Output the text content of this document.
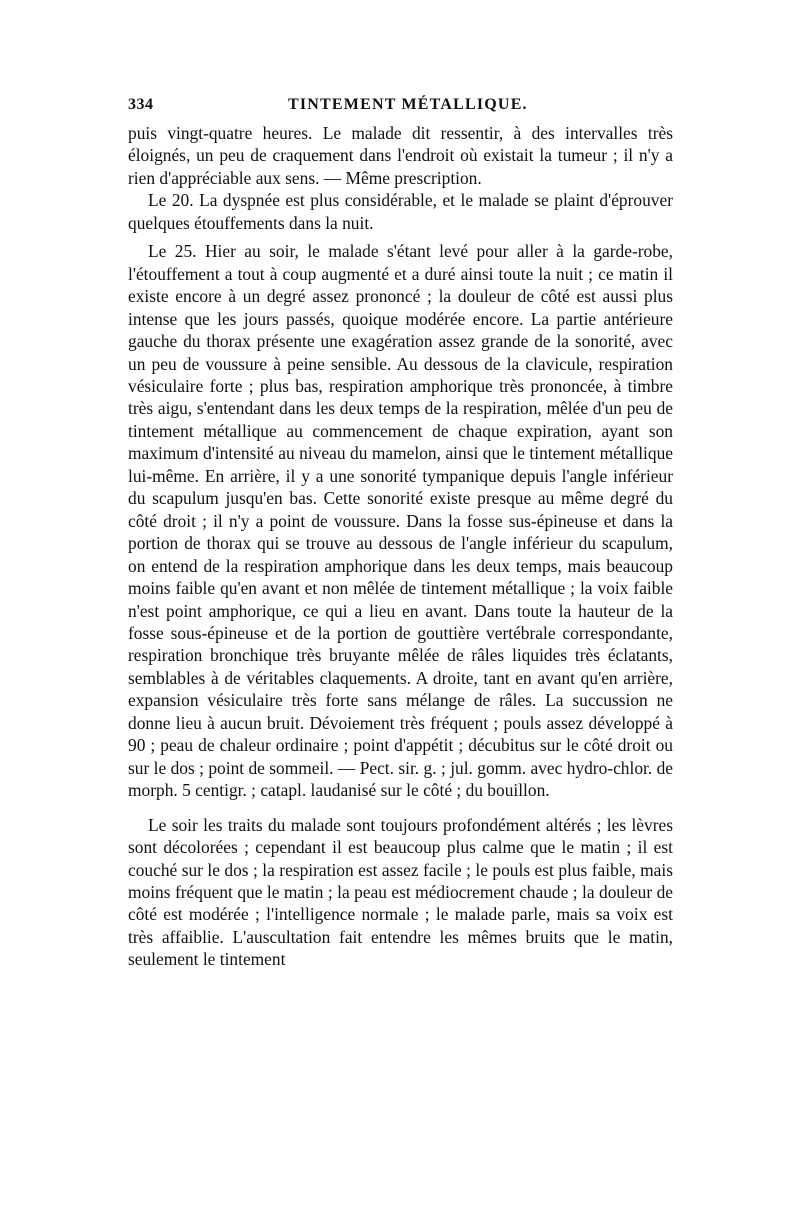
334	TINTEMENT MÉTALLIQUE.

puis vingt-quatre heures. Le malade dit ressentir, à des intervalles très éloignés, un peu de craquement dans l'endroit où existait la tumeur ; il n'y a rien d'appréciable aux sens. — Même prescription.

Le 20. La dyspnée est plus considérable, et le malade se plaint d'éprouver quelques étouffements dans la nuit.

Le 25. Hier au soir, le malade s'étant levé pour aller à la garde-robe, l'étouffement a tout à coup augmenté et a duré ainsi toute la nuit ; ce matin il existe encore à un degré assez prononcé ; la douleur de côté est aussi plus intense que les jours passés, quoique modérée encore. La partie antérieure gauche du thorax présente une exagération assez grande de la sonorité, avec un peu de voussure à peine sensible. Au dessous de la clavicule, respiration vésiculaire forte ; plus bas, respiration amphorique très prononcée, à timbre très aigu, s'entendant dans les deux temps de la respiration, mêlée d'un peu de tintement métallique au commencement de chaque expiration, ayant son maximum d'intensité au niveau du mamelon, ainsi que le tintement métallique lui-même. En arrière, il y a une sonorité tympanique depuis l'angle inférieur du scapulum jusqu'en bas. Cette sonorité existe presque au même degré du côté droit ; il n'y a point de voussure. Dans la fosse sus-épineuse et dans la portion de thorax qui se trouve au dessous de l'angle inférieur du scapulum, on entend de la respiration amphorique dans les deux temps, mais beaucoup moins faible qu'en avant et non mêlée de tintement métallique ; la voix faible n'est point amphorique, ce qui a lieu en avant. Dans toute la hauteur de la fosse sous-épineuse et de la portion de gouttière vertébrale correspondante, respiration bronchique très bruyante mêlée de râles liquides très éclatants, semblables à de véritables claquements. A droite, tant en avant qu'en arrière, expansion vésiculaire très forte sans mélange de râles. La succussion ne donne lieu à aucun bruit. Dévoiement très fréquent ; pouls assez développé à 90 ; peau de chaleur ordinaire ; point d'appétit ; décubitus sur le côté droit ou sur le dos ; point de sommeil. — Pect. sir. g. ; jul. gomm. avec hydro-chlor. de morph. 5 centigr. ; catapl. laudanisé sur le côté ; du bouillon.

Le soir les traits du malade sont toujours profondément altérés ; les lèvres sont décolorées ; cependant il est beaucoup plus calme que le matin ; il est couché sur le dos ; la respiration est assez facile ; le pouls est plus faible, mais moins fréquent que le matin ; la peau est médiocrement chaude ; la douleur de côté est modérée ; l'intelligence normale ; le malade parle, mais sa voix est très affaiblie. L'auscultation fait entendre les mêmes bruits que le matin, seulement le tintement
